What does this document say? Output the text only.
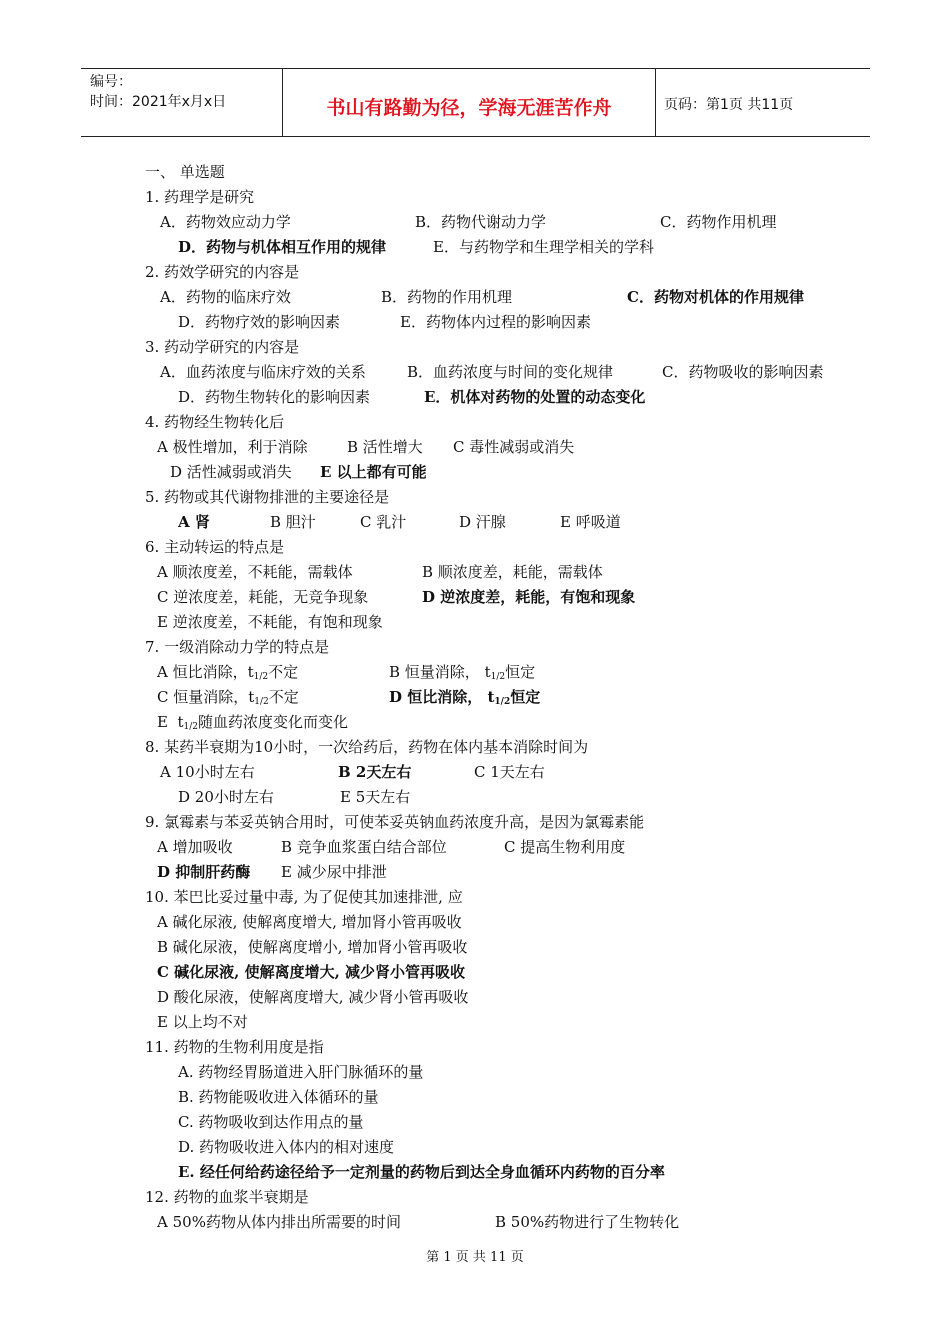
编号：
时间：2021年x月x日	书山有路勤为径，学海无涯苦作舟	页码：第1页 共11页
一、 单选题
1. 药理学是研究
A．药物效应动力学	B．药物代谢动力学	C．药物作用机理
D．药物与机体相互作用的规律	E．与药物学和生理学相关的学科
2. 药效学研究的内容是
A．药物的临床疗效	B．药物的作用机理	C．药物对机体的作用规律
D．药物疗效的影响因素	E．药物体内过程的影响因素
3. 药动学研究的内容是
A．血药浓度与临床疗效的关系	B．血药浓度与时间的变化规律	C．药物吸收的影响因素
D．药物生物转化的影响因素	E．机体对药物的处置的动态变化
4. 药物经生物转化后
A 极性增加，利于消除	B 活性增大 C 毒性减弱或消失
D 活性减弱或消失 E 以上都有可能
5. 药物或其代谢物排泄的主要途径是
A 肾	B 胆汁	C 乳汁	D 汗腺	E 呼吸道
6. 主动转运的特点是
A 顺浓度差，不耗能，需载体	B 顺浓度差，耗能，需载体
C 逆浓度差，耗能，无竞争现象	D 逆浓度差，耗能，有饱和现象
E 逆浓度差，不耗能，有饱和现象
7. 一级消除动力学的特点是
A 恒比消除，$t_{1/2}$不定	B 恒量消除， $t_{1/2}$恒定
C 恒量消除，$t_{1/2}$不定	D 恒比消除， $t_{1/2}$恒定
E $t_{1/2}$随血药浓度变化而变化
8. 某药半衰期为10小时，一次给药后，药物在体内基本消除时间为
A 10小时左右	B 2天左右	C 1天左右
D 20小时左右	E 5天左右
9. 氯霉素与苯妥英钠合用时，可使苯妥英钠血药浓度升高，是因为氯霉素能
A 增加吸收	B 竞争血浆蛋白结合部位	C 提高生物利用度
D 抑制肝药酶 E 减少尿中排泄
10. 苯巴比妥过量中毒, 为了促使其加速排泄, 应
A 碱化尿液, 使解离度增大, 增加肾小管再吸收
B 碱化尿液，使解离度增小, 增加肾小管再吸收
C 碱化尿液, 使解离度增大, 减少肾小管再吸收
D 酸化尿液，使解离度增大, 减少肾小管再吸收
E 以上均不对
11. 药物的生物利用度是指
A. 药物经胃肠道进入肝门脉循环的量
B. 药物能吸收进入体循环的量
C. 药物吸收到达作用点的量
D. 药物吸收进入体内的相对速度
E. 经任何给药途径给予一定剂量的药物后到达全身血循环内药物的百分率
12. 药物的血浆半衰期是
A 50%药物从体内排出所需要的时间	B 50%药物进行了生物转化
第 1 页 共 11 页
